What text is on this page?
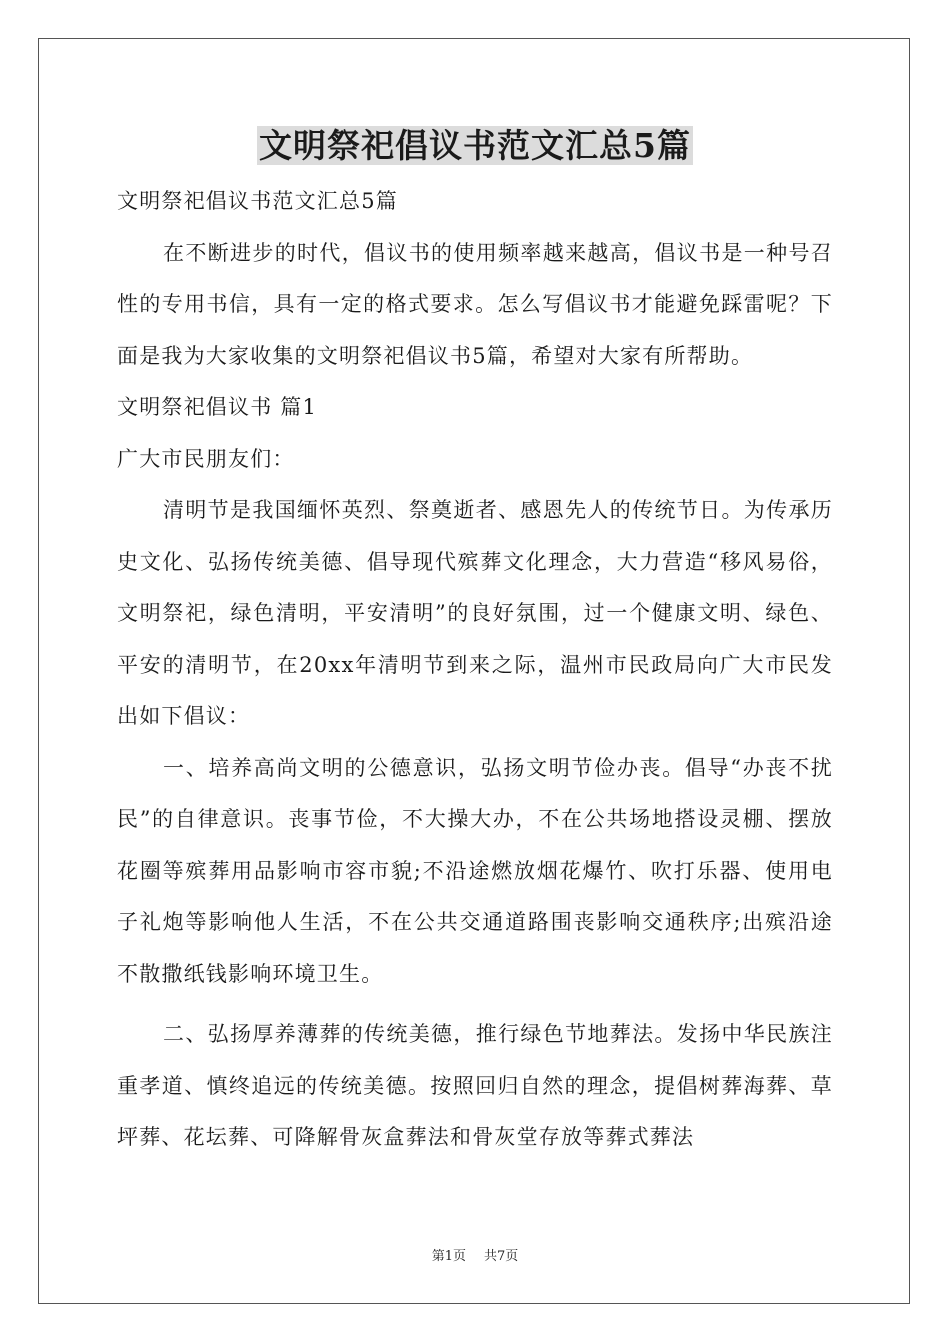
文明祭祀倡议书范文汇总5篇

文明祭祀倡议书范文汇总5篇

在不断进步的时代，倡议书的使用频率越来越高，倡议书是一种号召性的专用书信，具有一定的格式要求。怎么写倡议书才能避免踩雷呢？下面是我为大家收集的文明祭祀倡议书5篇，希望对大家有所帮助。

文明祭祀倡议书 篇1

广大市民朋友们：

清明节是我国缅怀英烈、祭奠逝者、感恩先人的传统节日。为传承历史文化、弘扬传统美德、倡导现代殡葬文化理念，大力营造“移风易俗，文明祭祀，绿色清明，平安清明”的良好氛围，过一个健康文明、绿色、平安的清明节，在20xx年清明节到来之际，温州市民政局向广大市民发出如下倡议：

一、培养高尚文明的公德意识，弘扬文明节俭办丧。倡导“办丧不扰民”的自律意识。丧事节俭，不大操大办，不在公共场地搭设灵棚、摆放花圈等殡葬用品影响市容市貌;不沿途燃放烟花爆竹、吹打乐器、使用电子礼炮等影响他人生活，不在公共交通道路围丧影响交通秩序;出殡沿途不散撒纸钱影响环境卫生。

二、弘扬厚养薄葬的传统美德，推行绿色节地葬法。发扬中华民族注重孝道、慎终追远的传统美德。按照回归自然的理念，提倡树葬海葬、草坪葬、花坛葬、可降解骨灰盒葬法和骨灰堂存放等葬式葬法

第1页 共7页
